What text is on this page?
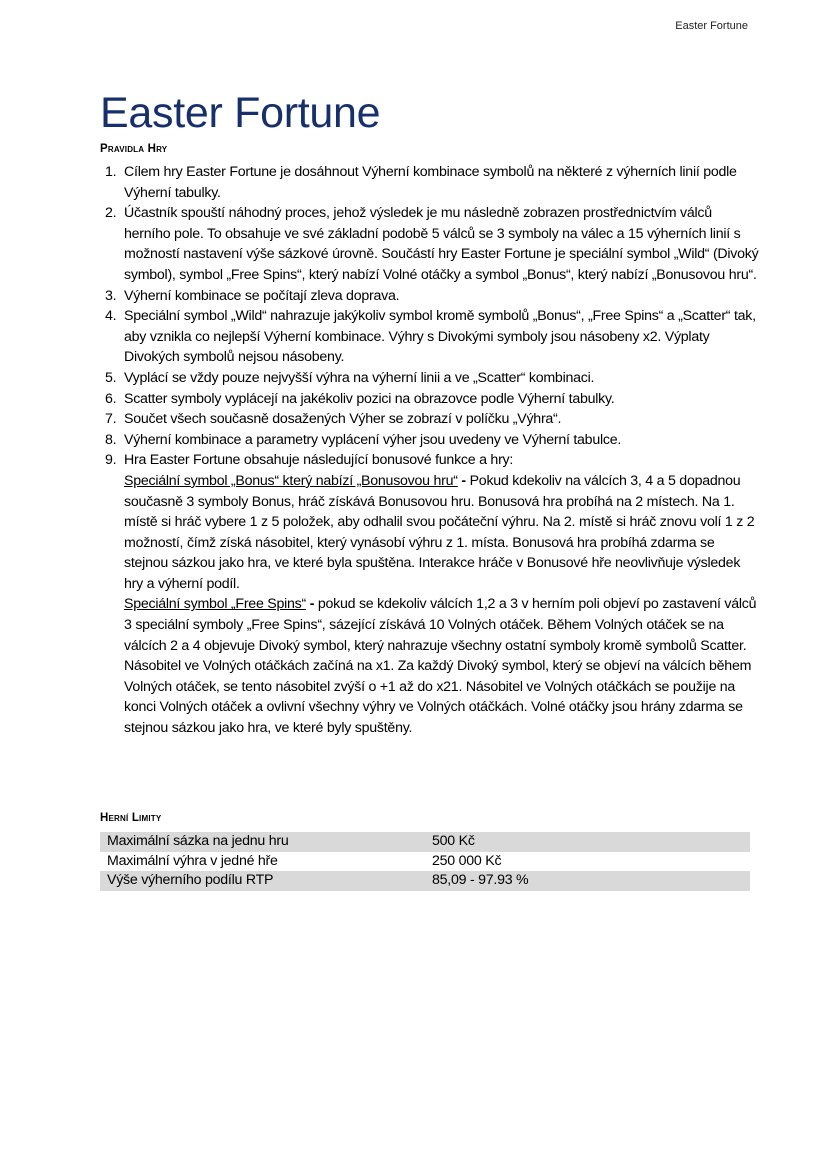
Easter Fortune
Easter Fortune
Pravidla Hry
1. Cílem hry Easter Fortune je dosáhnout Výherní kombinace symbolů na některé z výherních linií podle Výherní tabulky.
2. Účastník spouští náhodný proces, jehož výsledek je mu následně zobrazen prostřednictvím válců herního pole. To obsahuje ve své základní podobě 5 válců se 3 symboly na válec a 15 výherních linií s možností nastavení výše sázkové úrovně. Součástí hry Easter Fortune je speciální symbol „Wild“ (Divoký symbol), symbol „Free Spins“, který nabízí Volné otáčky a symbol „Bonus“, který nabízí „Bonusovou hru“.
3. Výherní kombinace se počítají zleva doprava.
4. Speciální symbol „Wild“ nahrazuje jakýkoliv symbol kromě symbolů „Bonus“, „Free Spins“ a „Scatter“ tak, aby vznikla co nejlepší Výherní kombinace. Výhry s Divokými symboly jsou násobeny x2. Výplaty Divokých symbolů nejsou násobeny.
5. Vyplácí se vždy pouze nejvyšší výhra na výherní linii a ve „Scatter“ kombinaci.
6. Scatter symboly vyplácejí na jakékoliv pozici na obrazovce podle Výherní tabulky.
7. Součet všech současně dosažených Výher se zobrazí v políčku „Výhra“.
8. Výherní kombinace a parametry vyplácení výher jsou uvedeny ve Výherní tabulce.
9. Hra Easter Fortune obsahuje následující bonusové funkce a hry:
Speciální symbol „Bonus“ který nabízí „Bonusovou hru“ - Pokud kdekoliv na válcích 3, 4 a 5 dopadnou současně 3 symboly Bonus, hráč získává Bonusovou hru. Bonusová hra probíhá na 2 místech. Na 1. místě si hráč vybere 1 z 5 položek, aby odhalil svou počáteční výhru. Na 2. místě si hráč znovu volí 1 z 2 možností, čímž získá násobitel, který vynásobí výhru z 1. místa. Bonusová hra probíhá zdarma se stejnou sázkou jako hra, ve které byla spuštěna. Interakce hráče v Bonusové hře neovlivňuje výsledek hry a výherní podíl.
Speciální symbol „Free Spins“ - pokud se kdekoliv válcích 1,2 a 3 v herním poli objeví po zastavení válců 3 speciální symboly „Free Spins“, sázející získává 10 Volných otáček. Během Volných otáček se na válcích 2 a 4 objevuje Divoký symbol, který nahrazuje všechny ostatní symboly kromě symbolů Scatter. Násobitel ve Volných otáčkách začíná na x1. Za každý Divoký symbol, který se objeví na válcích během Volných otáček, se tento násobitel zvýší o +1 až do x21. Násobitel ve Volných otáčkách se použije na konci Volných otáček a ovlivní všechny výhry ve Volných otáčkách. Volné otáčky jsou hrány zdarma se stejnou sázkou jako hra, ve které byly spuštěny.
Herní Limity
Maximální sázka na jednu hru	500 Kč
Maximální výhra v jedné hře	250 000 Kč
Výše výherního podílu RTP	85,09 - 97.93 %
